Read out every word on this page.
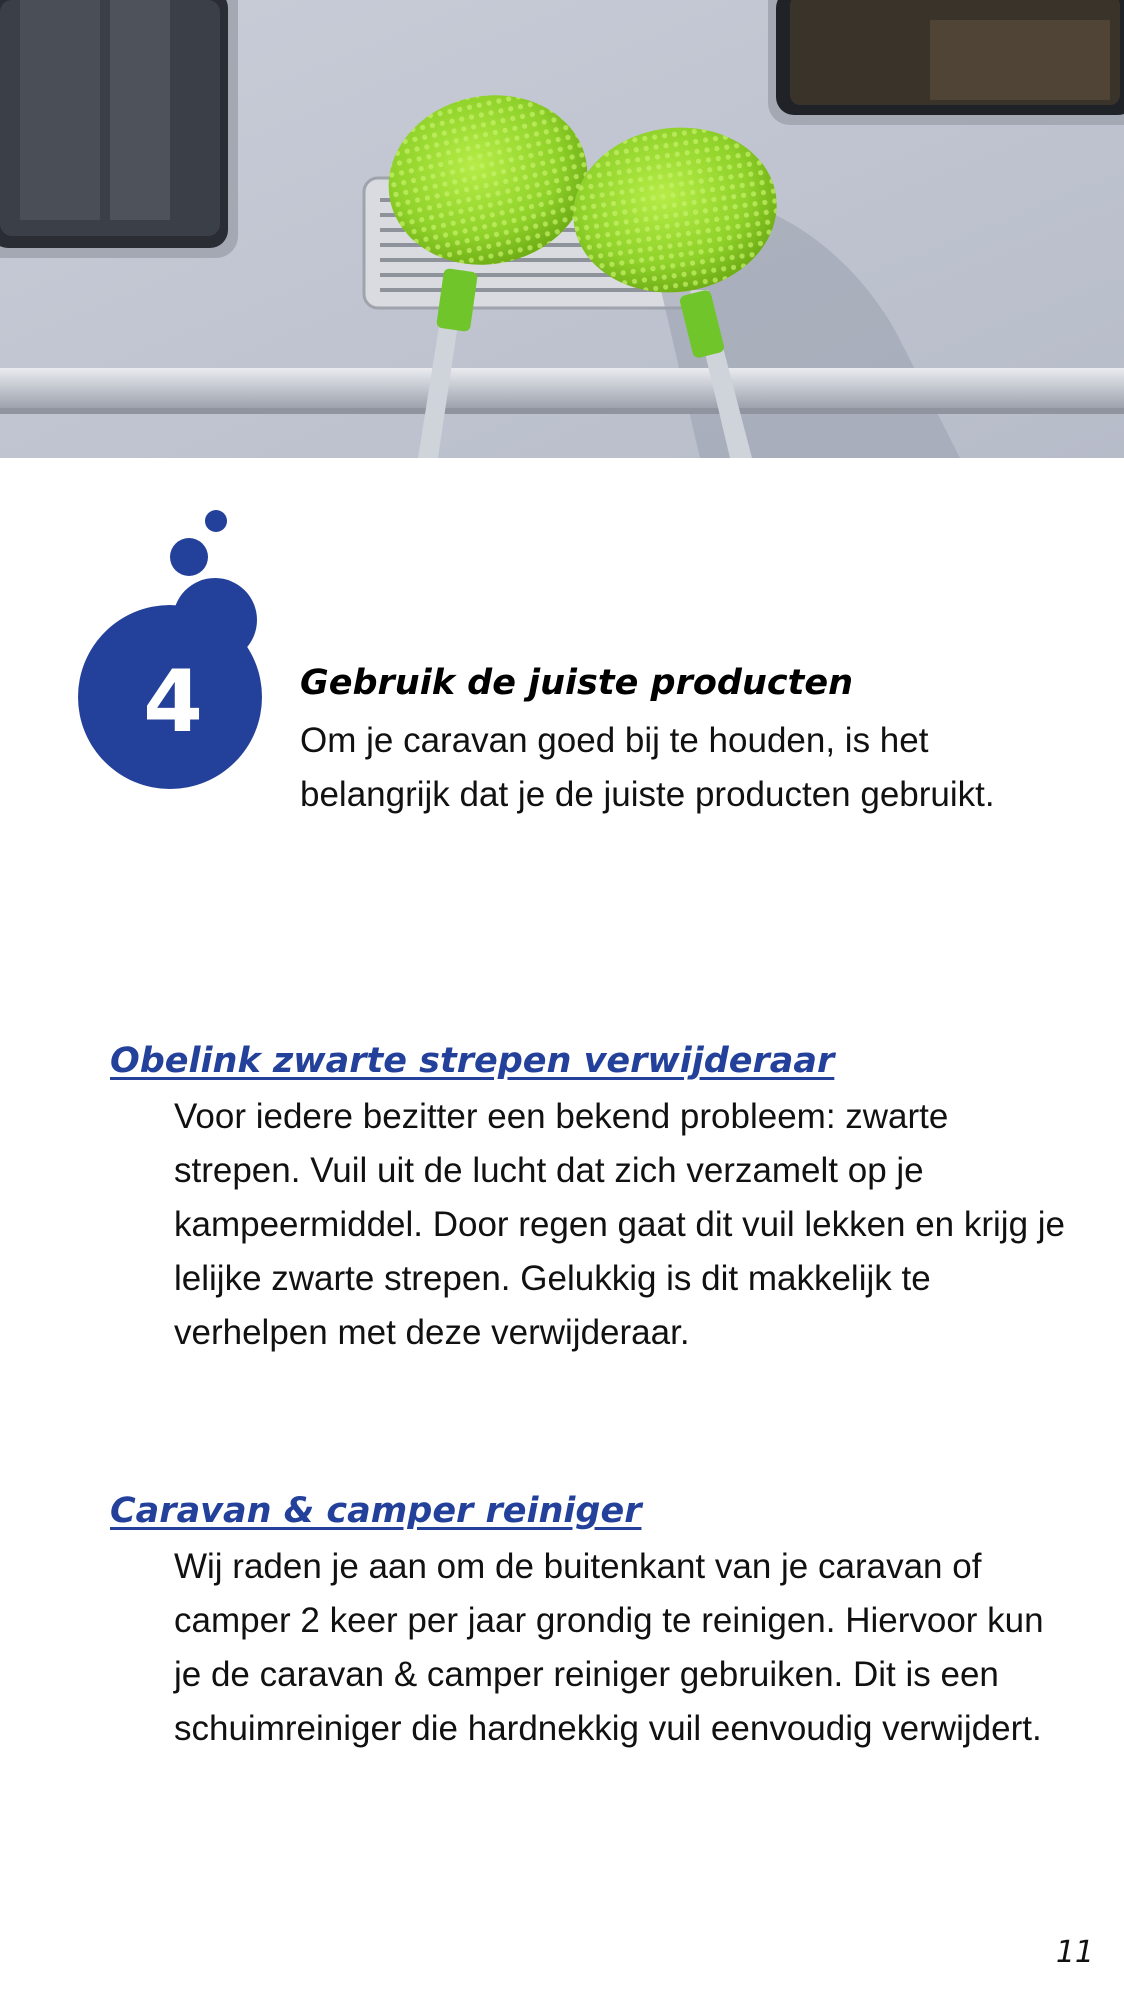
4	Gebruik de juiste producten

Om je caravan goed bij te houden, is het belangrijk dat je de juiste producten gebruikt.

Obelink zwarte strepen verwijderaar

Voor iedere bezitter een bekend probleem: zwarte strepen. Vuil uit de lucht dat zich verzamelt op je kampeermiddel. Door regen gaat dit vuil lekken en krijg je lelijke zwarte strepen. Gelukkig is dit makkelijk te verhelpen met deze verwijderaar.

Caravan & camper reiniger

Wij raden je aan om de buitenkant van je caravan of camper 2 keer per jaar grondig te reinigen. Hiervoor kun je de caravan & camper reiniger gebruiken. Dit is een schuimreiniger die hardnekkig vuil eenvoudig verwijdert.

11
